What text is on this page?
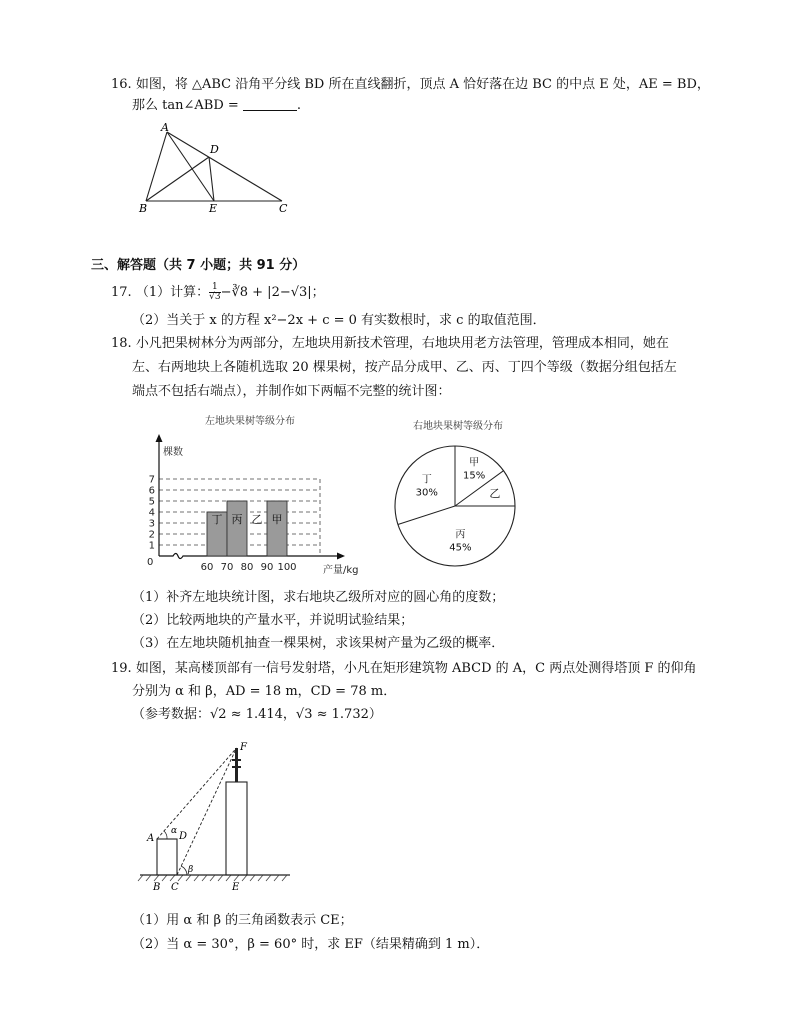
16. 如图，将 △ABC 沿角平分线 BD 所在直线翻折，顶点 A 恰好落在边 BC 的中点 E 处，AE = BD，
那么 tan∠ABD =	.
A
D
B	E	C
三、解答题（共 7 小题；共 91 分）
17. （1）计算： $\frac{1}{√3}$ −∛8 + |2−√3|；
（2）当关于 x 的方程 x²−2x + c = 0 有实数根时，求 c 的取值范围．
18. 小凡把果树林分为两部分，左地块用新技术管理，右地块用老方法管理，管理成本相同，她在
左、右两地块上各随机选取 20 棵果树，按产品分成甲、乙、丙、丁四个等级（数据分组包括左
端点不包括右端点），并制作如下两幅不完整的统计图：
左地块果树等级分布
棵数
产量/kg
1
2
3
4
5
6
7
0	60 70 80 90 100
丁 丙 乙 甲
右地块果树等级分布
甲
15%
乙
丙
45%
丁
30%
（1）补齐左地块统计图，求右地块乙级所对应的圆心角的度数；
（2）比较两地块的产量水平，并说明试验结果；
（3）在左地块随机抽查一棵果树，求该果树产量为乙级的概率．
19. 如图，某高楼顶部有一信号发射塔，小凡在矩形建筑物 ABCD 的 A，C 两点处测得塔顶 F 的仰角
分别为 α 和 β，AD = 18 m，CD = 78 m．
（参考数据：√2 ≈ 1.414，√3 ≈ 1.732）
F
A
α D
β
B C	E
（1）用 α 和 β 的三角函数表示 CE；
（2）当 α = 30°，β = 60° 时，求 EF（结果精确到 1 m）．
